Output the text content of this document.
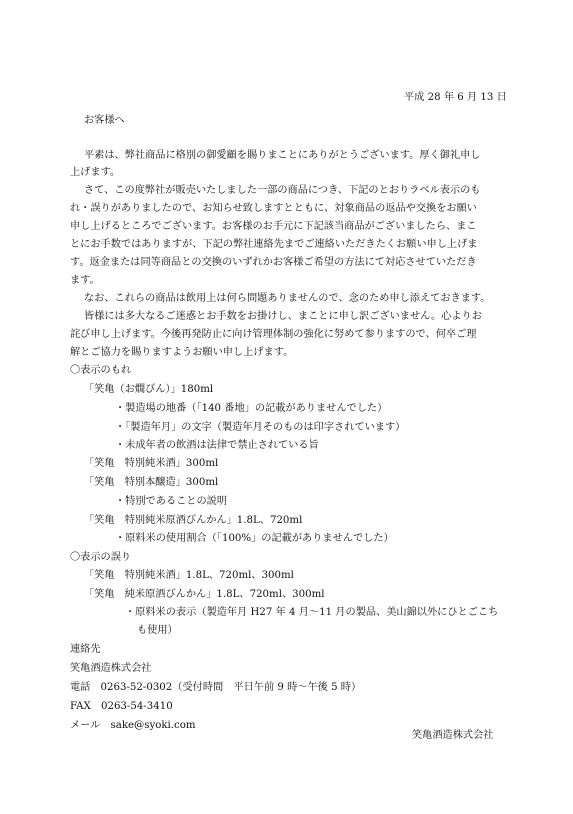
平成 28 年 6 月 13 日
お客様へ
平素は、弊社商品に格別の御愛顧を賜りまことにありがとうございます。厚く御礼申し
上げます。
さて、この度弊社が販売いたしました一部の商品につき、下記のとおりラベル表示のも
れ・誤りがありましたので、お知らせ致しますとともに、対象商品の返品や交換をお願い
申し上げるところでございます。お客様のお手元に下記該当商品がございましたら、まこ
とにお手数ではありますが、下記の弊社連絡先までご連絡いただきたくお願い申し上げま
す。返金または同等商品との交換のいずれかお客様ご希望の方法にて対応させていただき
ます。
なお、これらの商品は飲用上は何ら問題ありませんので、念のため申し添えておきます。
皆様には多大なるご迷惑とお手数をお掛けし、まことに申し訳ございません。心よりお
詫び申し上げます。今後再発防止に向け管理体制の強化に努めて参りますので、何卒ご理
解とご協力を賜りますようお願い申し上げます。
〇表示のもれ
「笑亀（お燗びん）」180ml
・製造場の地番（「140 番地」の記載がありませんでした）
・「製造年月」の文字（製造年月そのものは印字されています）
・未成年者の飲酒は法律で禁止されている旨
「笑亀　特別純米酒」300ml
「笑亀　特別本醸造」300ml
・特別であることの説明
「笑亀　特別純米原酒びんかん」1.8L、720ml
・原料米の使用割合（「100%」の記載がありませんでした）
〇表示の誤り
「笑亀　特別純米酒」1.8L、720ml、300ml
「笑亀　純米原酒びんかん」1.8L、720ml、300ml
・原料米の表示（製造年月 H27 年 4 月～11 月の製品、美山錦以外にひとごこち
も使用）
連絡先
笑亀酒造株式会社
電話　0263-52-0302（受付時間　平日午前 9 時～午後 5 時）
FAX　0263-54-3410
メール　sake@syoki.com
笑亀酒造株式会社
